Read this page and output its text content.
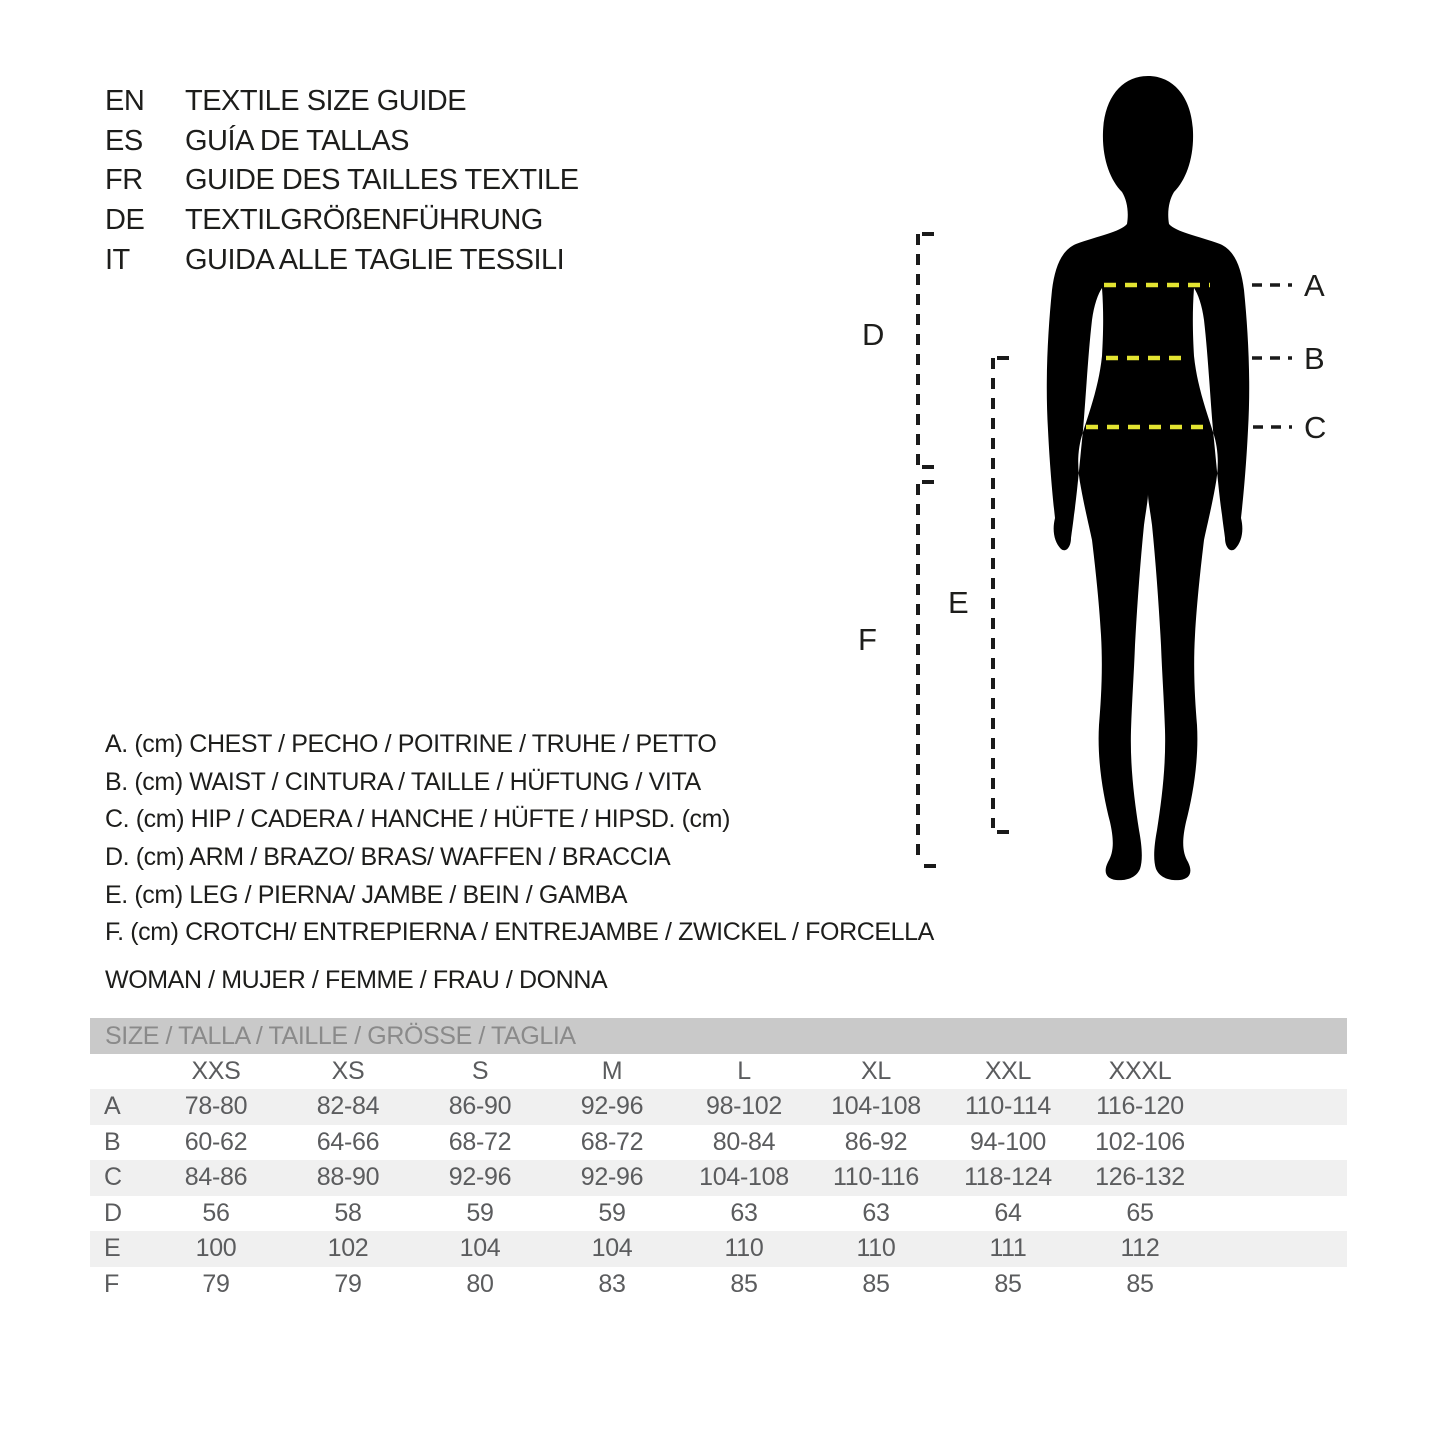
EN	TEXTILE SIZE GUIDE
ES	GUÍA DE TALLAS
FR	GUIDE DES TAILLES TEXTILE
DE	TEXTILGRÖßENFÜHRUNG
IT	GUIDA ALLE TAGLIE TESSILI
A
B
C
D
F
E
A. (cm) CHEST / PECHO / POITRINE / TRUHE / PETTO
B. (cm) WAIST / CINTURA / TAILLE / HÜFTUNG / VITA
C. (cm) HIP / CADERA / HANCHE / HÜFTE / HIPSD. (cm)
D. (cm) ARM / BRAZO/ BRAS/ WAFFEN / BRACCIA
E. (cm) LEG / PIERNA/ JAMBE / BEIN / GAMBA
F. (cm) CROTCH/ ENTREPIERNA / ENTREJAMBE / ZWICKEL / FORCELLA
WOMAN / MUJER / FEMME / FRAU / DONNA
SIZE / TALLA / TAILLE / GRÖSSE / TAGLIA
XXS	XS	S	M	L	XL	XXL	XXXL
A	78-80	82-84	86-90	92-96	98-102	104-108	110-114	116-120
B	60-62	64-66	68-72	68-72	80-84	86-92	94-100	102-106
C	84-86	88-90	92-96	92-96	104-108	110-116	118-124	126-132
D	56	58	59	59	63	63	64	65
E	100	102	104	104	110	110	111	112
F	79	79	80	83	85	85	85	85
